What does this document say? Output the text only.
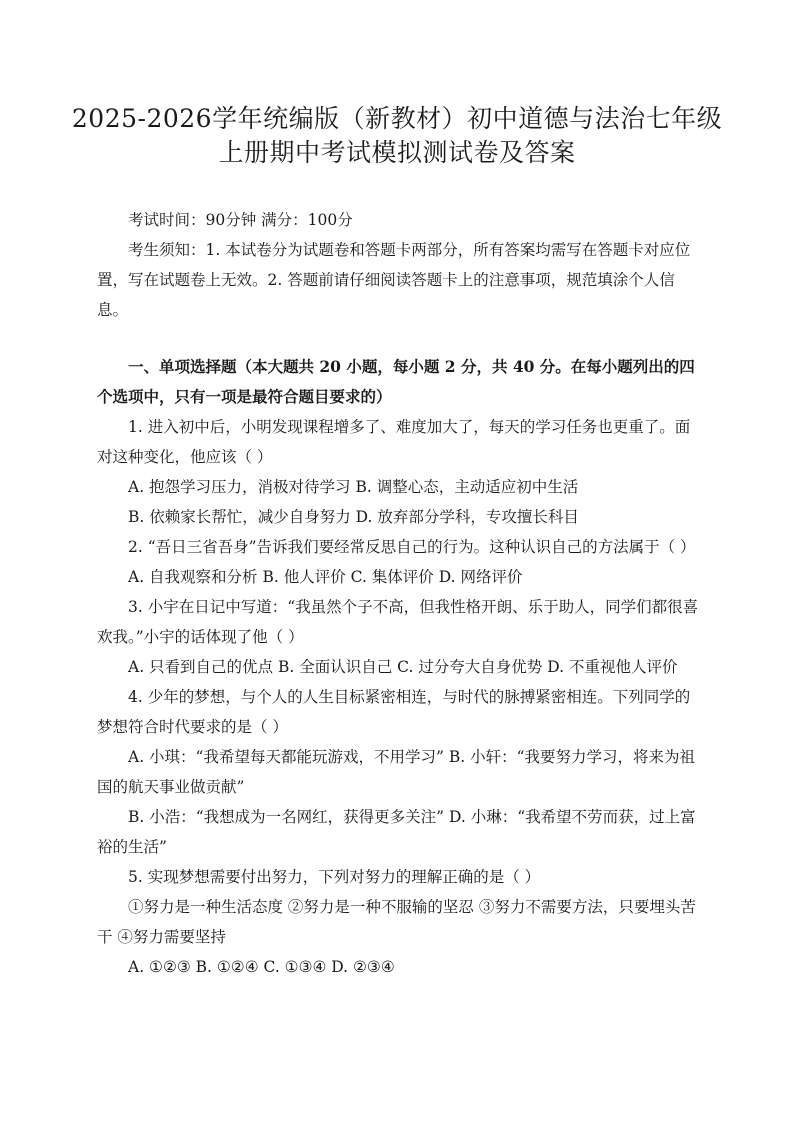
2025-2026学年统编版（新教材）初中道德与法治七年级
上册期中考试模拟测试卷及答案

考试时间：90分钟 满分：100分

考生须知：1. 本试卷分为试题卷和答题卡两部分，所有答案均需写在答题卡对应位置，写在试题卷上无效。2. 答题前请仔细阅读答题卡上的注意事项，规范填涂个人信息。

一、单项选择题（本大题共 20 小题，每小题 2 分，共 40 分。在每小题列出的四个选项中，只有一项是最符合题目要求的）

1. 进入初中后，小明发现课程增多了、难度加大了，每天的学习任务也更重了。面对这种变化，他应该（ ）

A. 抱怨学习压力，消极对待学习 B. 调整心态，主动适应初中生活

B. 依赖家长帮忙，减少自身努力 D. 放弃部分学科，专攻擅长科目

2. “吾日三省吾身”告诉我们要经常反思自己的行为。这种认识自己的方法属于（ ）

A. 自我观察和分析 B. 他人评价 C. 集体评价 D. 网络评价

3. 小宇在日记中写道：“我虽然个子不高，但我性格开朗、乐于助人，同学们都很喜欢我。”小宇的话体现了他（ ）

A. 只看到自己的优点 B. 全面认识自己 C. 过分夸大自身优势 D. 不重视他人评价

4. 少年的梦想，与个人的人生目标紧密相连，与时代的脉搏紧密相连。下列同学的梦想符合时代要求的是（ ）

A. 小琪：“我希望每天都能玩游戏，不用学习” B. 小轩：“我要努力学习，将来为祖国的航天事业做贡献”

B. 小浩：“我想成为一名网红，获得更多关注” D. 小琳：“我希望不劳而获，过上富裕的生活”

5. 实现梦想需要付出努力，下列对努力的理解正确的是（ ）

①努力是一种生活态度 ②努力是一种不服输的坚忍 ③努力不需要方法，只要埋头苦干 ④努力需要坚持

A. ①②③ B. ①②④ C. ①③④ D. ②③④
